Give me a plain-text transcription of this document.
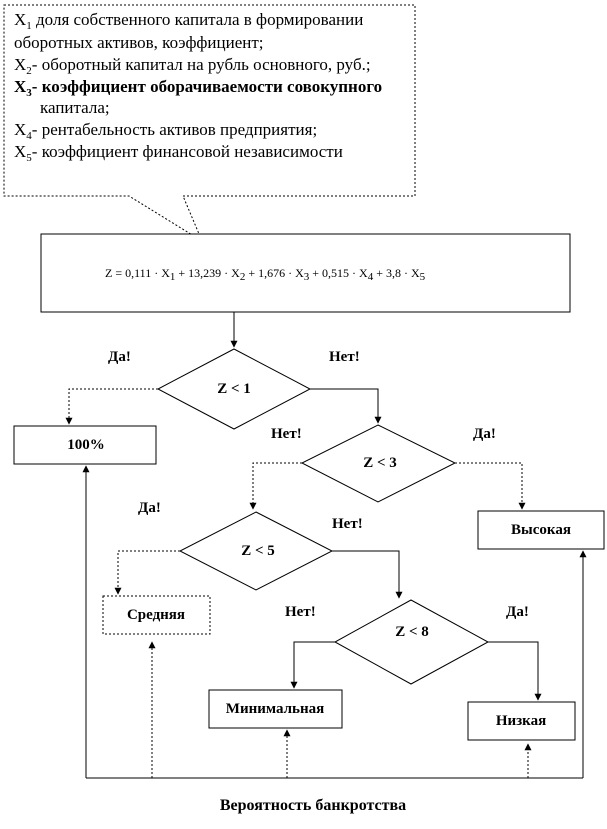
$X_1$ доля собственного капитала в формировании
оборотных активов, коэффициент;
$X_2-$ оборотный капитал на рубль основного, руб.;
$X_3-$ коэффициент оборачиваемости совокупного
капитала;
$X_4-$ рентабельность активов предприятия;
$X_5-$ коэффициент финансовой независимости
Z = 0,111 · X1 + 13,239 · X2 + 1,676 · X3 + 0,515 · X4 + 3,8 · X5
Z < 1
Z < 3
Z < 5
Z < 8
100%
Высокая
Средняя
Минимальная
Низкая
Да!	Нет!
Нет!	Да!
Да!
Нет!
Нет!	Да!
Вероятность банкротства
